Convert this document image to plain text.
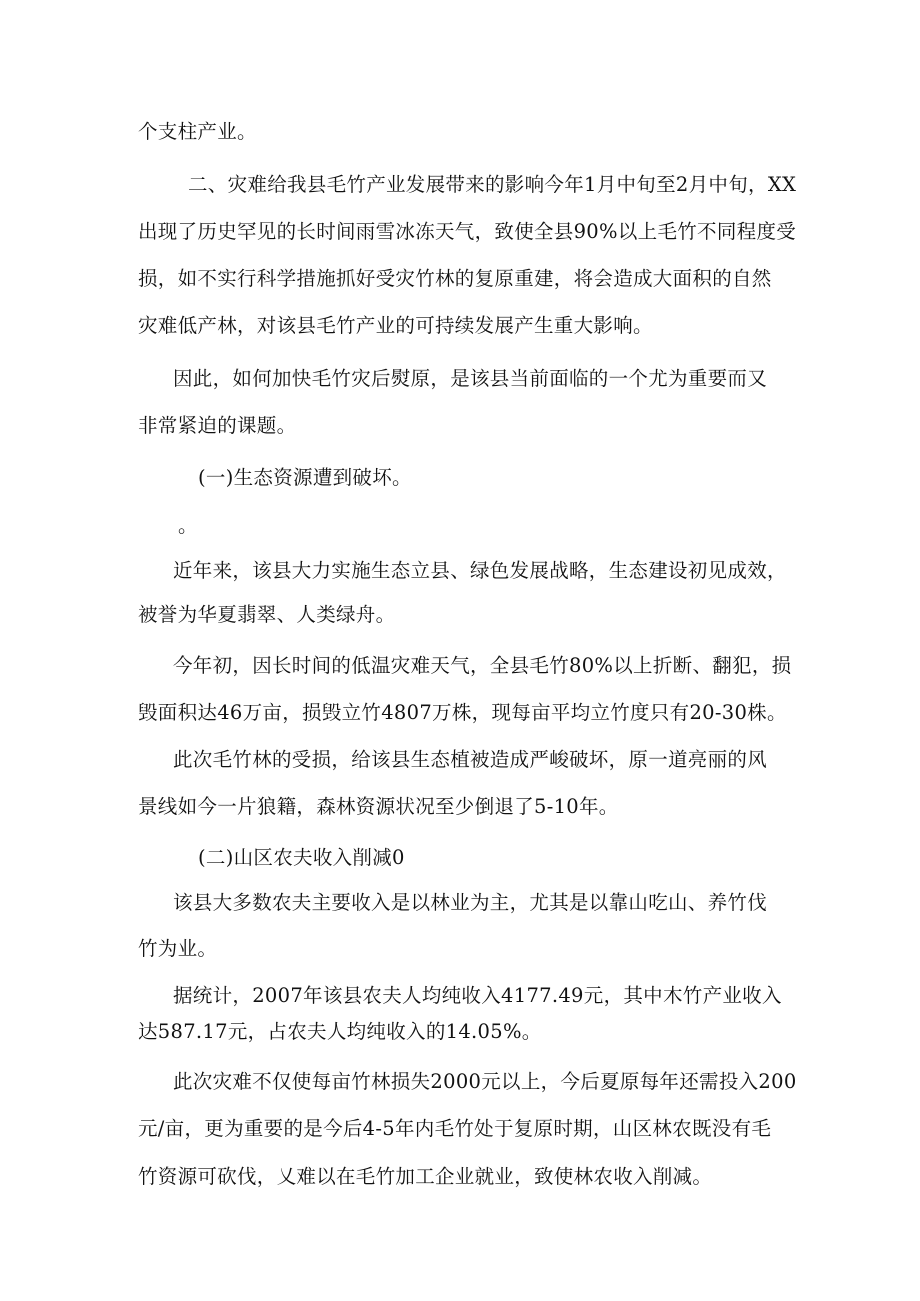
个支柱产业。

二、灾难给我县毛竹产业发展带来的影响今年1月中旬至2月中旬，XX

出现了历史罕见的长时间雨雪冰冻天气，致使全县90%以上毛竹不同程度受

损，如不实行科学措施抓好受灾竹林的复原重建，将会造成大面积的自然

灾难低产林，对该县毛竹产业的可持续发展产生重大影响。

因此，如何加快毛竹灾后熨原，是该县当前面临的一个尤为重要而又

非常紧迫的课题。

(一)生态资源遭到破坏。

。

近年来，该县大力实施生态立县、绿色发展战略，生态建设初见成效，

被誉为华夏翡翠、人类绿舟。

今年初，因长时间的低温灾难天气，全县毛竹80%以上折断、翻犯，损

毁面积达46万亩，损毁立竹4807万株，现每亩平均立竹度只有20-30株。

此次毛竹林的受损，给该县生态植被造成严峻破坏，原一道亮丽的风

景线如今一片狼籍，森林资源状况至少倒退了5-10年。

(二)山区农夫收入削减0

该县大多数农夫主要收入是以林业为主，尤其是以靠山吃山、养竹伐

竹为业。

据统计，2007年该县农夫人均纯收入4177.49元，其中木竹产业收入

达587.17元，占农夫人均纯收入的14.05%。

此次灾难不仅使每亩竹林损失2000元以上，今后夏原每年还需投入200

元/亩，更为重要的是今后4-5年内毛竹处于复原时期，山区林农既没有毛

竹资源可砍伐，乂难以在毛竹加工企业就业，致使林农收入削减。
